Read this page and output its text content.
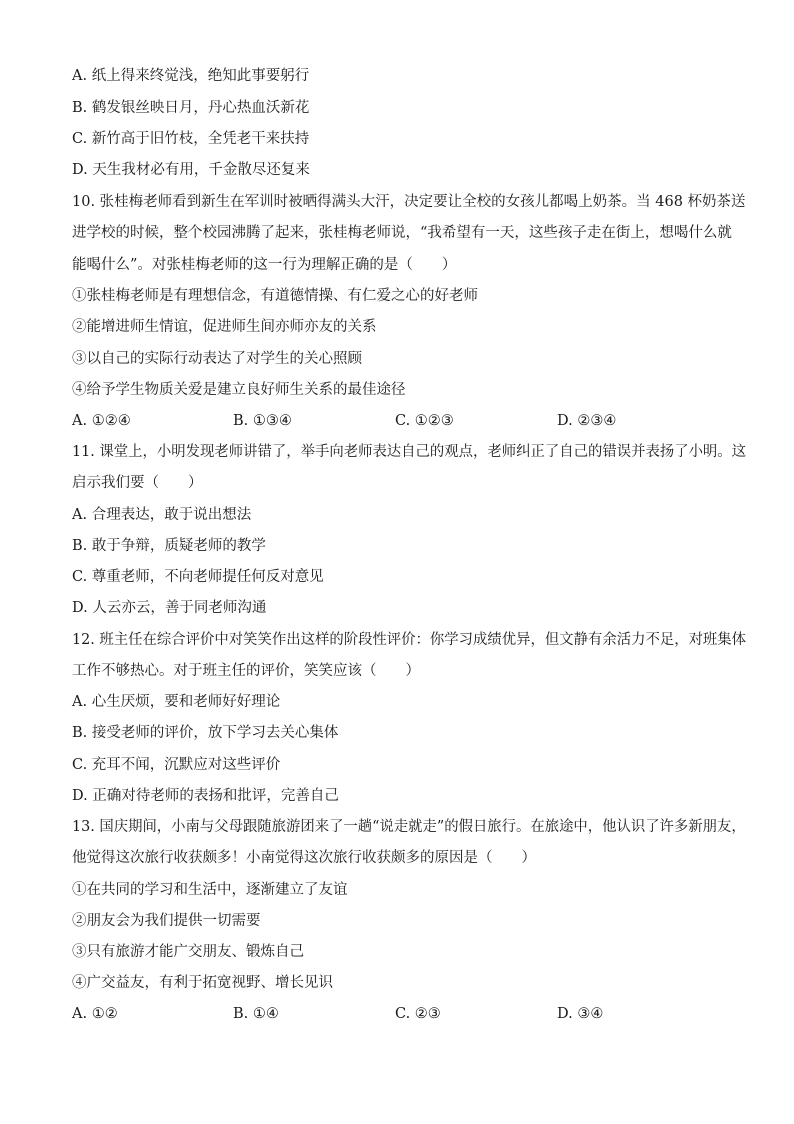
A. 纸上得来终觉浅，绝知此事要躬行
B. 鹤发银丝映日月，丹心热血沃新花
C. 新竹高于旧竹枝，全凭老干来扶持
D. 天生我材必有用，千金散尽还复来
10. 张桂梅老师看到新生在军训时被晒得满头大汗，决定要让全校的女孩儿都喝上奶茶。当 468 杯奶茶送
进学校的时候，整个校园沸腾了起来，张桂梅老师说，“我希望有一天，这些孩子走在街上，想喝什么就
能喝什么”。对张桂梅老师的这一行为理解正确的是（　　）
①张桂梅老师是有理想信念，有道德情操、有仁爱之心的好老师
②能增进师生情谊，促进师生间亦师亦友的关系
③以自己的实际行动表达了对学生的关心照顾
④给予学生物质关爱是建立良好师生关系的最佳途径
A. ①②④	B. ①③④	C. ①②③	D. ②③④
11. 课堂上，小明发现老师讲错了，举手向老师表达自己的观点，老师纠正了自己的错误并表扬了小明。这
启示我们要（　　）
A. 合理表达，敢于说出想法
B. 敢于争辩，质疑老师的教学
C. 尊重老师，不向老师提任何反对意见
D. 人云亦云，善于同老师沟通
12. 班主任在综合评价中对笑笑作出这样的阶段性评价：你学习成绩优异，但文静有余活力不足，对班集体
工作不够热心。对于班主任的评价，笑笑应该（　　）
A. 心生厌烦，要和老师好好理论
B. 接受老师的评价，放下学习去关心集体
C. 充耳不闻，沉默应对这些评价
D. 正确对待老师的表扬和批评，完善自己
13. 国庆期间，小南与父母跟随旅游团来了一趟“说走就走”的假日旅行。在旅途中，他认识了许多新朋友，
他觉得这次旅行收获颇多！小南觉得这次旅行收获颇多的原因是（　　）
①在共同的学习和生活中，逐渐建立了友谊
②朋友会为我们提供一切需要
③只有旅游才能广交朋友、锻炼自己
④广交益友，有利于拓宽视野、增长见识
A. ①②	B. ①④	C. ②③	D. ③④
